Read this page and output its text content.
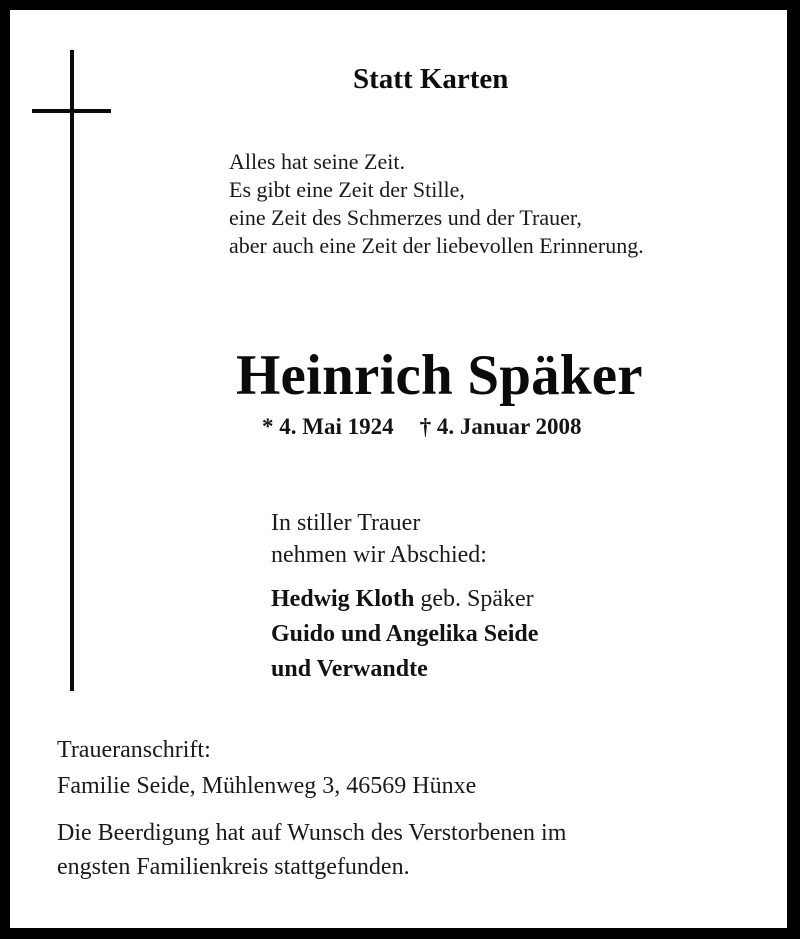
Statt Karten
Alles hat seine Zeit.
Es gibt eine Zeit der Stille,
eine Zeit des Schmerzes und der Trauer,
aber auch eine Zeit der liebevollen Erinnerung.
Heinrich Späker
* 4. Mai 1924 † 4. Januar 2008
In stiller Trauer
nehmen wir Abschied:
Hedwig Kloth geb. Späker
Guido und Angelika Seide
und Verwandte
Traueranschrift:
Familie Seide, Mühlenweg 3, 46569 Hünxe
Die Beerdigung hat auf Wunsch des Verstorbenen im
engsten Familienkreis stattgefunden.
